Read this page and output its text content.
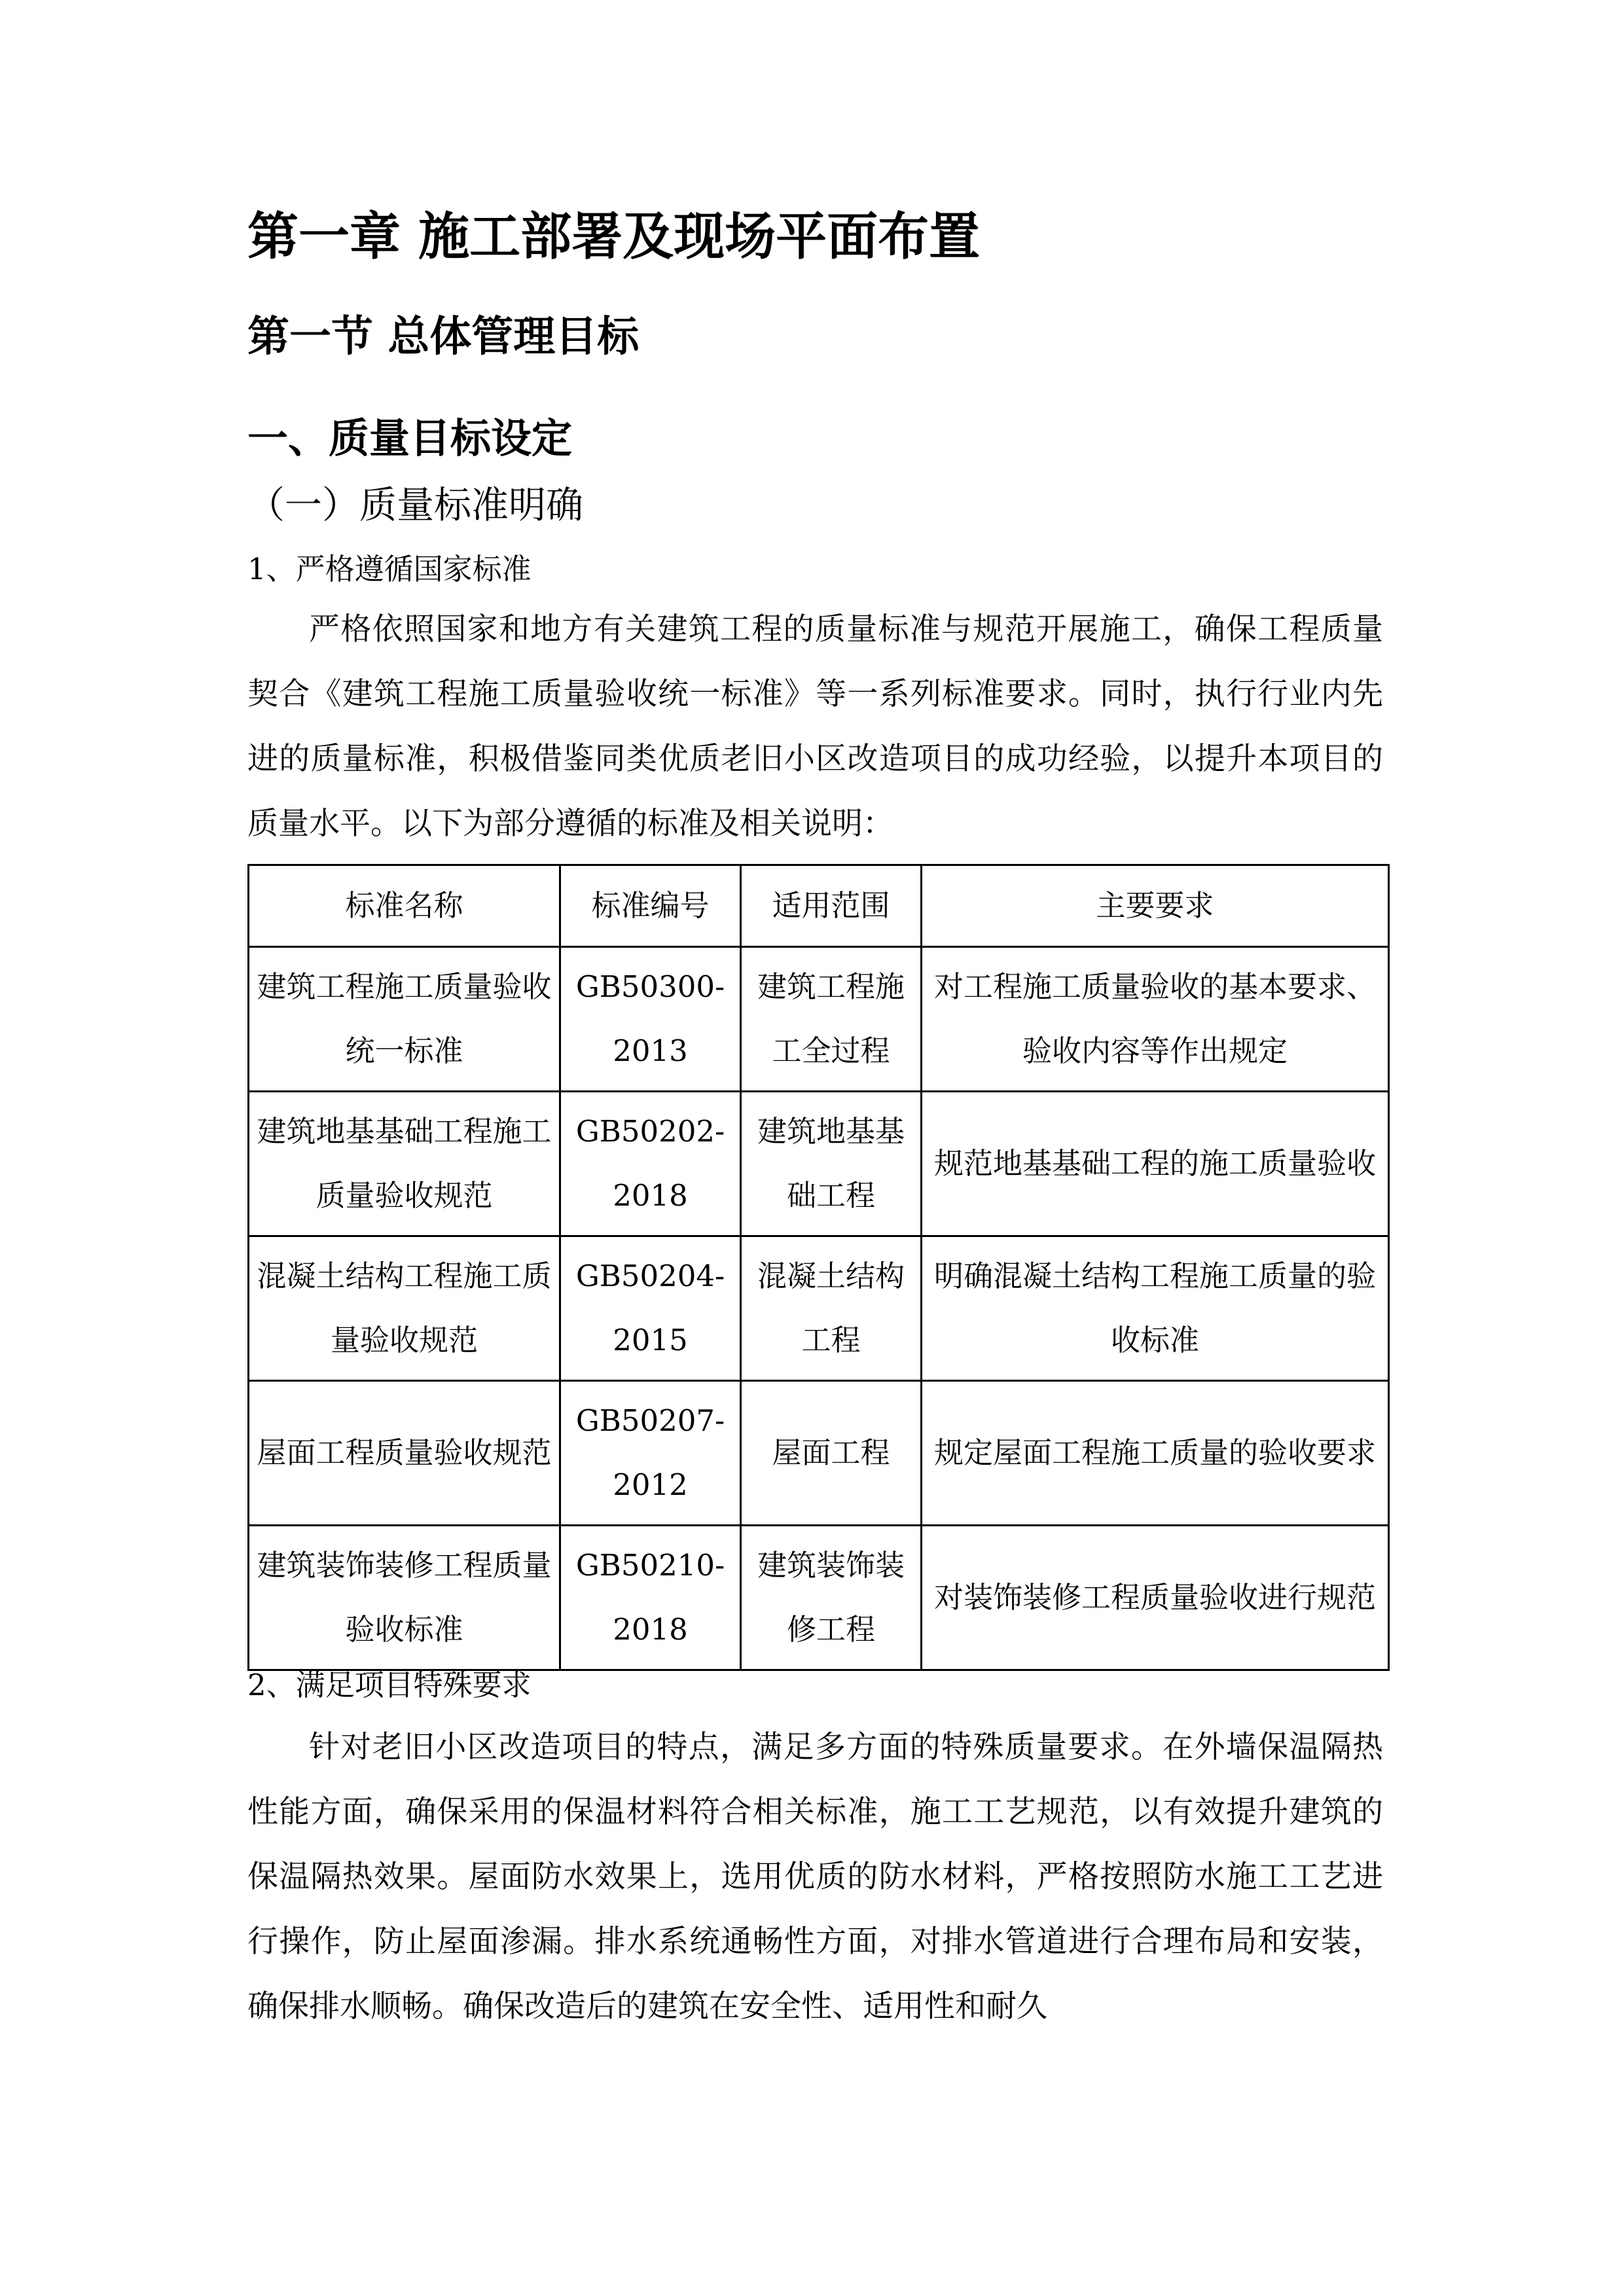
第一章 施工部署及现场平面布置
第一节 总体管理目标
一、质量目标设定
（一）质量标准明确
1、严格遵循国家标准

严格依照国家和地方有关建筑工程的质量标准与规范开展施工，确保工程质量契合《建筑工程施工质量验收统一标准》等一系列标准要求。同时，执行行业内先进的质量标准，积极借鉴同类优质老旧小区改造项目的成功经验，以提升本项目的质量水平。以下为部分遵循的标准及相关说明：

标准名称	标准编号	适用范围	主要要求
建筑工程施工质量验收统一标准	GB50300-2013	建筑工程施工全过程	对工程施工质量验收的基本要求、验收内容等作出规定
建筑地基基础工程施工质量验收规范	GB50202-2018	建筑地基基础工程	规范地基基础工程的施工质量验收
混凝土结构工程施工质量验收规范	GB50204-2015	混凝土结构工程	明确混凝土结构工程施工质量的验收标准
屋面工程质量验收规范	GB50207-2012	屋面工程	规定屋面工程施工质量的验收要求
建筑装饰装修工程质量验收标准	GB50210-2018	建筑装饰装修工程	对装饰装修工程质量验收进行规范
2、满足项目特殊要求

针对老旧小区改造项目的特点，满足多方面的特殊质量要求。在外墙保温隔热性能方面，确保采用的保温材料符合相关标准，施工工艺规范，以有效提升建筑的保温隔热效果。屋面防水效果上，选用优质的防水材料，严格按照防水施工工艺进行操作，防止屋面渗漏。排水系统通畅性方面，对排水管道进行合理布局和安装，确保排水顺畅。确保改造后的建筑在安全性、适用性和耐久
